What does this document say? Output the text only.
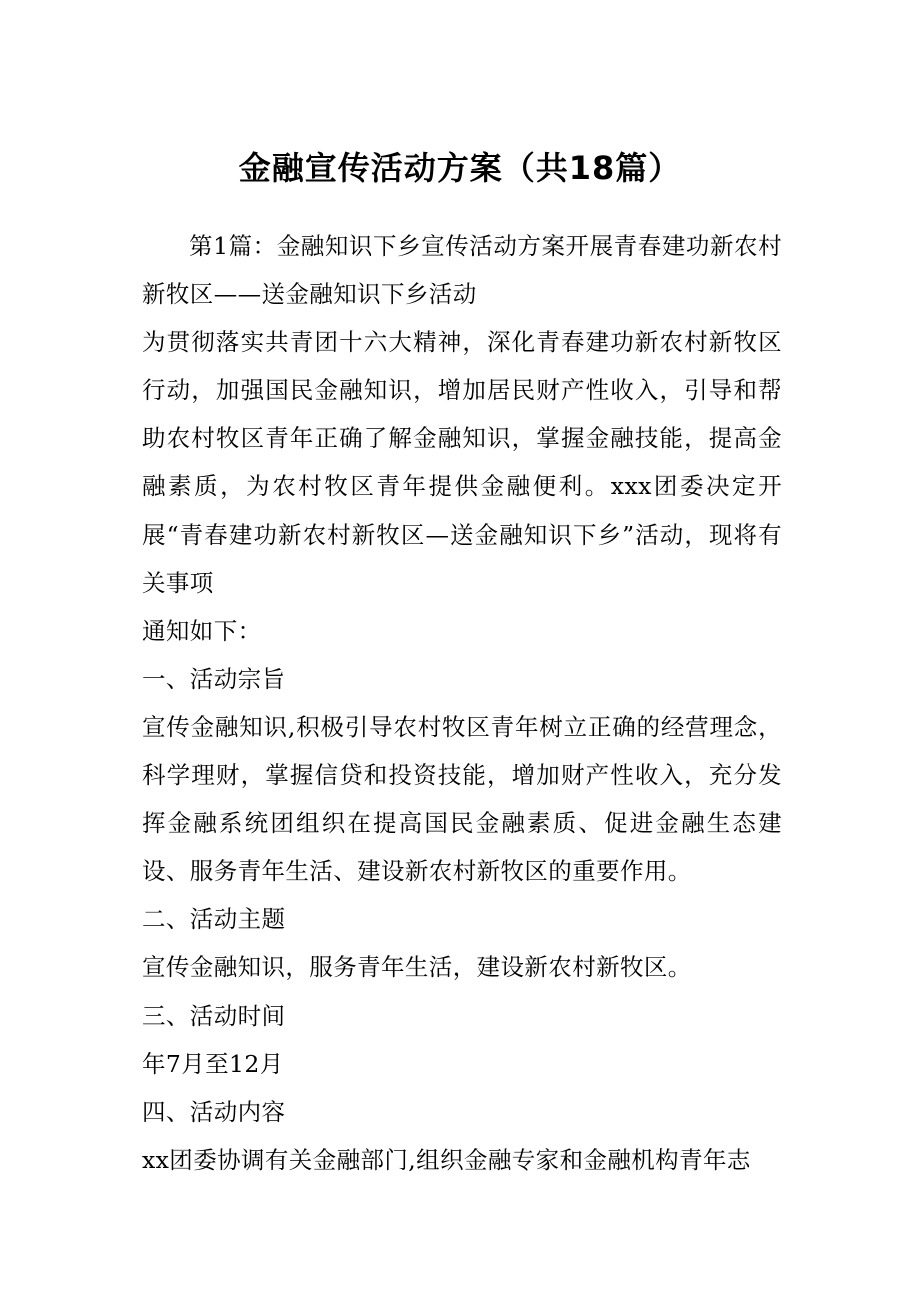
金融宣传活动方案（共18篇）

第1篇：金融知识下乡宣传活动方案开展青春建功新农村新牧区——送金融知识下乡活动

为贯彻落实共青团十六大精神，深化青春建功新农村新牧区行动，加强国民金融知识，增加居民财产性收入，引导和帮助农村牧区青年正确了解金融知识，掌握金融技能，提高金融素质，为农村牧区青年提供金融便利。xxx团委决定开展“青春建功新农村新牧区—送金融知识下乡”活动，现将有关事项

通知如下：

一、活动宗旨

宣传金融知识,积极引导农村牧区青年树立正确的经营理念，科学理财，掌握信贷和投资技能，增加财产性收入，充分发挥金融系统团组织在提高国民金融素质、促进金融生态建设、服务青年生活、建设新农村新牧区的重要作用。

二、活动主题

宣传金融知识，服务青年生活，建设新农村新牧区。

三、活动时间

年7月至12月

四、活动内容

xx团委协调有关金融部门,组织金融专家和金融机构青年志
